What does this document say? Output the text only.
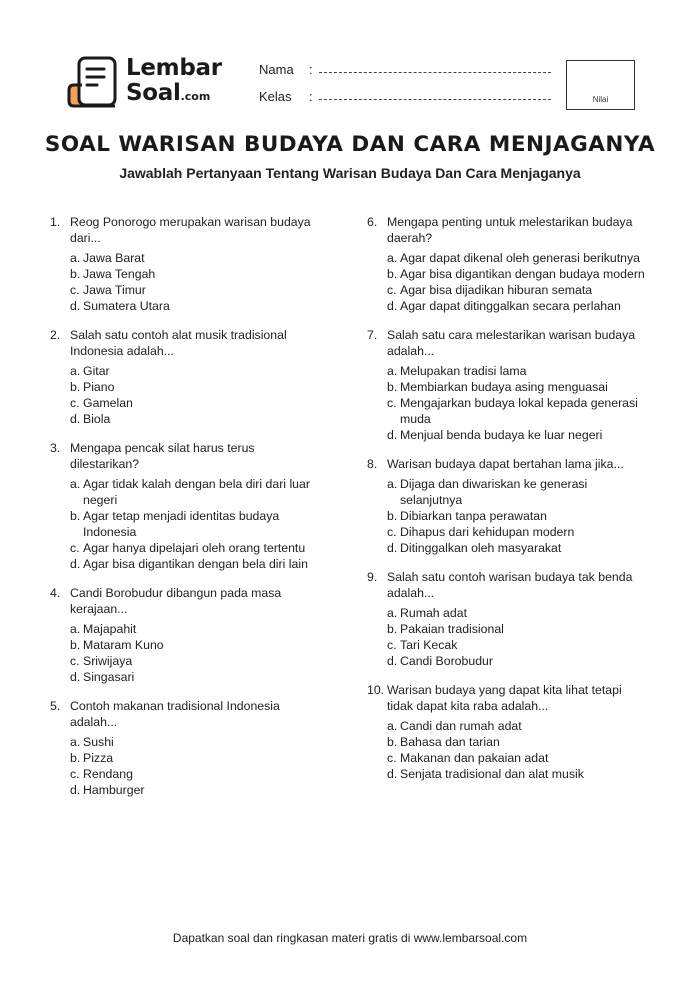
Lembar
Soal.com
Nama :
Kelas :	Nilai
SOAL WARISAN BUDAYA DAN CARA MENJAGANYA

Jawablah Pertanyaan Tentang Warisan Budaya Dan Cara Menjaganya

1. Reog Ponorogo merupakan warisan budaya dari...
a. Jawa Barat
b. Jawa Tengah
c. Jawa Timur
d. Sumatera Utara
2. Salah satu contoh alat musik tradisional Indonesia adalah...
a. Gitar
b. Piano
c. Gamelan
d. Biola
3. Mengapa pencak silat harus terus dilestarikan?
a. Agar tidak kalah dengan bela diri dari luar negeri
b. Agar tetap menjadi identitas budaya Indonesia
c. Agar hanya dipelajari oleh orang tertentu
d. Agar bisa digantikan dengan bela diri lain
4. Candi Borobudur dibangun pada masa kerajaan...
a. Majapahit
b. Mataram Kuno
c. Sriwijaya
d. Singasari
5. Contoh makanan tradisional Indonesia adalah...
a. Sushi
b. Pizza
c. Rendang
d. Hamburger
6. Mengapa penting untuk melestarikan budaya daerah?
a. Agar dapat dikenal oleh generasi berikutnya
b. Agar bisa digantikan dengan budaya modern
c. Agar bisa dijadikan hiburan semata
d. Agar dapat ditinggalkan secara perlahan
7. Salah satu cara melestarikan warisan budaya adalah...
a. Melupakan tradisi lama
b. Membiarkan budaya asing menguasai
c. Mengajarkan budaya lokal kepada generasi muda
d. Menjual benda budaya ke luar negeri
8. Warisan budaya dapat bertahan lama jika...
a. Dijaga dan diwariskan ke generasi selanjutnya
b. Dibiarkan tanpa perawatan
c. Dihapus dari kehidupan modern
d. Ditinggalkan oleh masyarakat
9. Salah satu contoh warisan budaya tak benda adalah...
a. Rumah adat
b. Pakaian tradisional
c. Tari Kecak
d. Candi Borobudur
10. Warisan budaya yang dapat kita lihat tetapi tidak dapat kita raba adalah...
a. Candi dan rumah adat
b. Bahasa dan tarian
c. Makanan dan pakaian adat
d. Senjata tradisional dan alat musik
Dapatkan soal dan ringkasan materi gratis di www.lembarsoal.com
